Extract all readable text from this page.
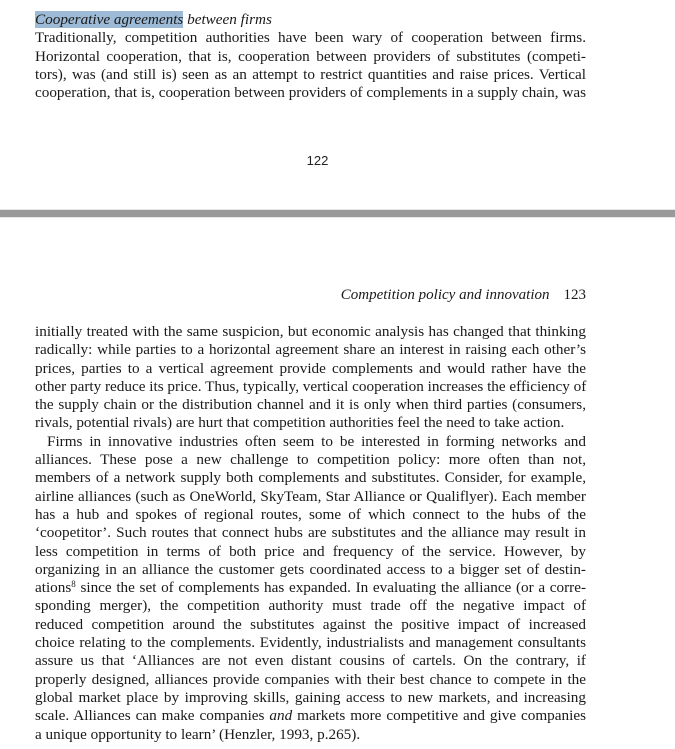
Cooperative agreements between firms
Traditionally, competition authorities have been wary of cooperation between firms.
Horizontal cooperation, that is, cooperation between providers of substitutes (competi-
tors), was (and still is) seen as an attempt to restrict quantities and raise prices. Vertical
cooperation, that is, cooperation between providers of complements in a supply chain, was
122
Competition policy and innovation 123
initially treated with the same suspicion, but economic analysis has changed that thinking
radically: while parties to a horizontal agreement share an interest in raising each other’s
prices, parties to a vertical agreement provide complements and would rather have the
other party reduce its price. Thus, typically, vertical cooperation increases the efficiency of
the supply chain or the distribution channel and it is only when third parties (consumers,
rivals, potential rivals) are hurt that competition authorities feel the need to take action.
Firms in innovative industries often seem to be interested in forming networks and
alliances. These pose a new challenge to competition policy: more often than not,
members of a network supply both complements and substitutes. Consider, for example,
airline alliances (such as OneWorld, SkyTeam, Star Alliance or Qualiflyer). Each member
has a hub and spokes of regional routes, some of which connect to the hubs of the
‘coopetitor’. Such routes that connect hubs are substitutes and the alliance may result in
less competition in terms of both price and frequency of the service. However, by
organizing in an alliance the customer gets coordinated access to a bigger set of destin-
ations$^8$ since the set of complements has expanded. In evaluating the alliance (or a corre-
sponding merger), the competition authority must trade off the negative impact of
reduced competition around the substitutes against the positive impact of increased
choice relating to the complements. Evidently, industrialists and management consultants
assure us that ‘Alliances are not even distant cousins of cartels. On the contrary, if
properly designed, alliances provide companies with their best chance to compete in the
global market place by improving skills, gaining access to new markets, and increasing
scale. Alliances can make companies and markets more competitive and give companies
a unique opportunity to learn’ (Henzler, 1993, p.265).
